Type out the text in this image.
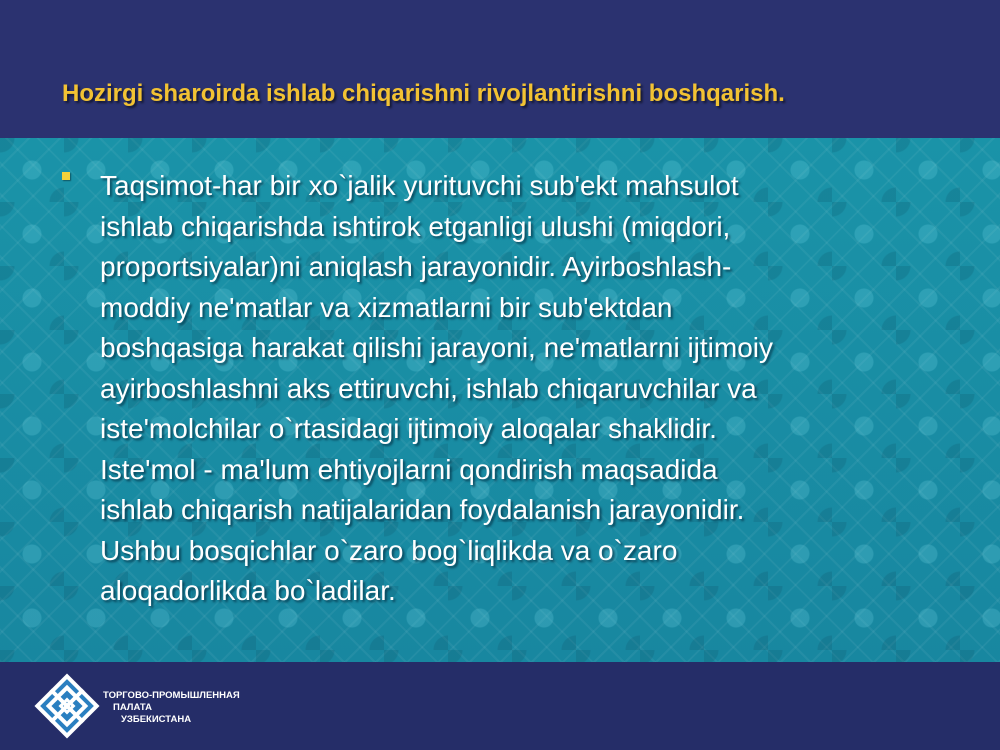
Hozirgi sharoirda ishlab chiqarishni rivojlantirishni boshqarish.

Taqsimot-har bir xo`jalik yurituvchi sub'ekt mahsulot
ishlab chiqarishda ishtirok etganligi ulushi (miqdori,
proportsiyalar)ni aniqlash jarayonidir. Ayirboshlash-
moddiy ne'matlar va xizmatlarni bir sub'ektdan
boshqasiga harakat qilishi jarayoni, ne'matlarni ijtimoiy
ayirboshlashni aks ettiruvchi, ishlab chiqaruvchilar va
iste'molchilar o`rtasidagi ijtimoiy aloqalar shaklidir.
Iste'mol - ma'lum ehtiyojlarni qondirish maqsadida
ishlab chiqarish natijalaridan foydalanish jarayonidir.
Ushbu bosqichlar o`zaro bog`liqlikda va o`zaro
aloqadorlikda bo`ladilar.

ТОРГОВО-ПРОМЫШЛЕННАЯ
ПАЛАТА
УЗБЕКИСТАНА
